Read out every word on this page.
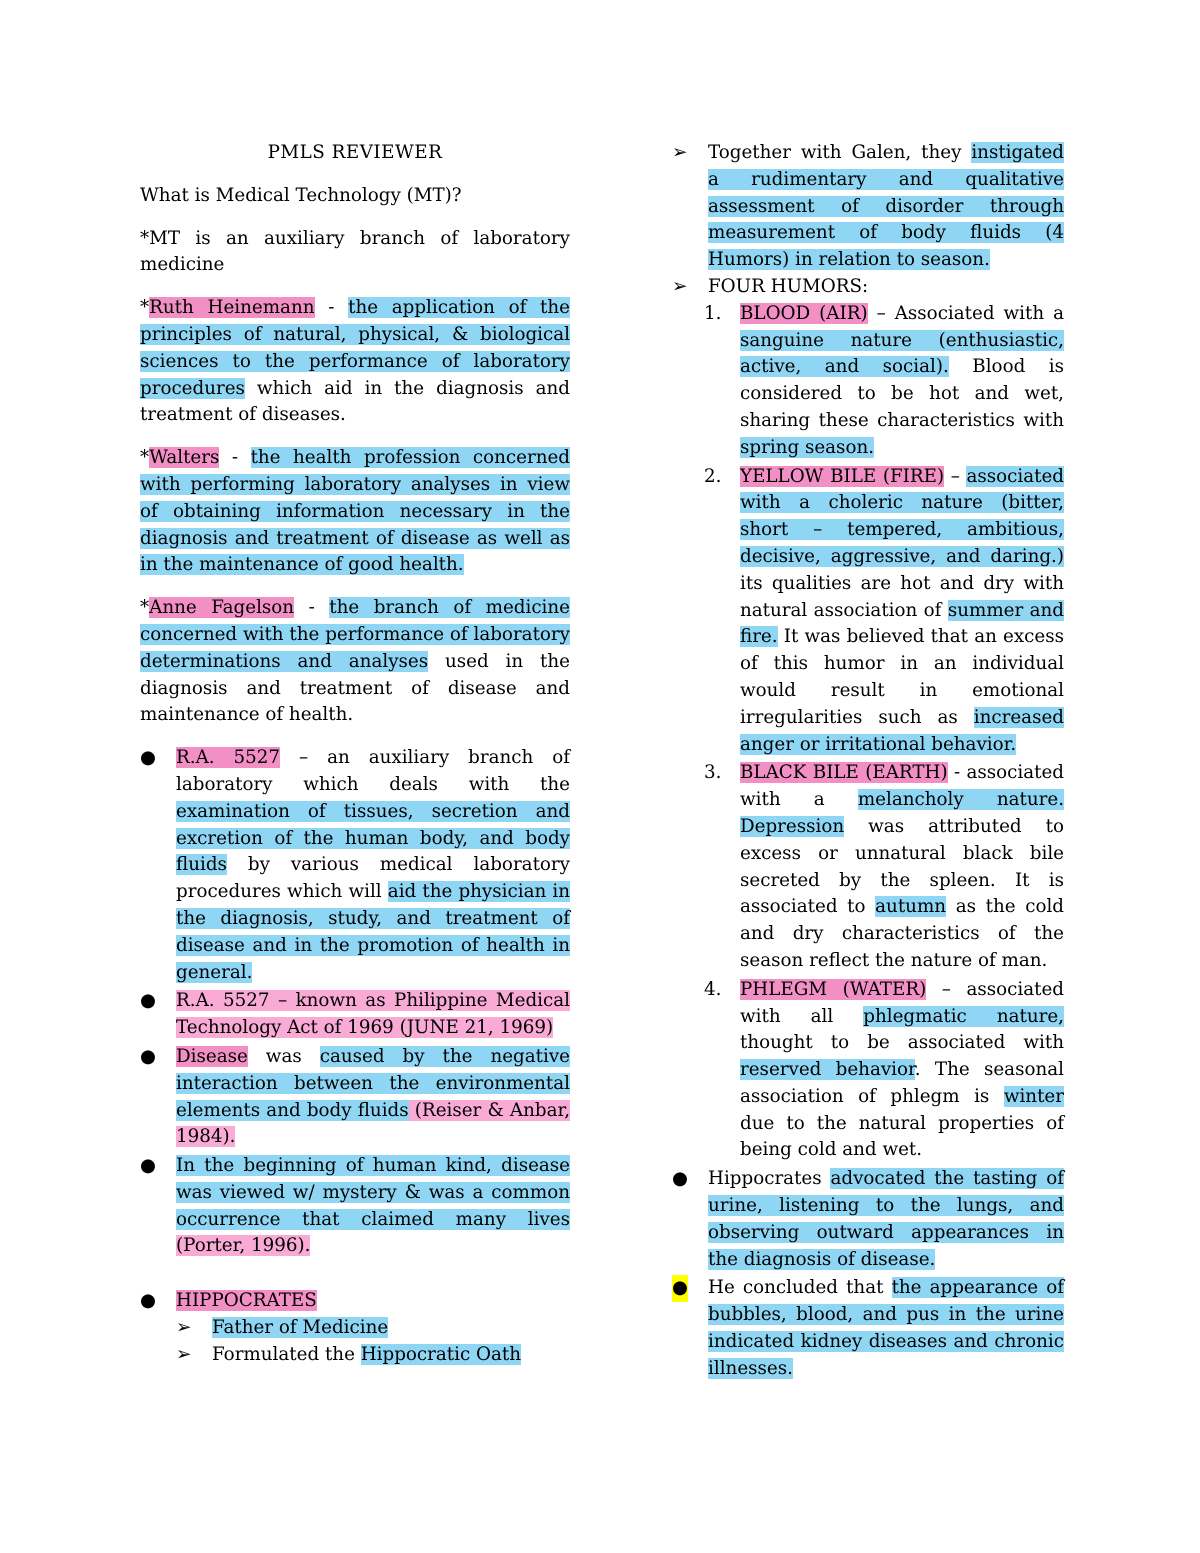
PMLS REVIEWER

What is Medical Technology (MT)?

*MT is an auxiliary branch of laboratory medicine

*Ruth Heinemann - the application of the principles of natural, physical, & biological sciences to the performance of laboratory procedures which aid in the diagnosis and treatment of diseases.

*Walters - the health profession concerned with performing laboratory analyses in view of obtaining information necessary in the diagnosis and treatment of disease as well as in the maintenance of good health.

*Anne Fagelson - the branch of medicine concerned with the performance of laboratory determinations and analyses used in the diagnosis and treatment of disease and maintenance of health.

● R.A. 5527 – an auxiliary branch of laboratory which deals with the examination of tissues, secretion and excretion of the human body, and body fluids by various medical laboratory procedures which will aid the physician in the diagnosis, study, and treatment of disease and in the promotion of health in general.
● R.A. 5527 – known as Philippine Medical Technology Act of 1969 (JUNE 21, 1969)
● Disease was caused by the negative interaction between the environmental elements and body fluids (Reiser & Anbar, 1984).
● In the beginning of human kind, disease was viewed w/ mystery & was a common occurrence that claimed many lives (Porter, 1996).
● HIPPOCRATES
➢ Father of Medicine
➢ Formulated the Hippocratic Oath
➢ Together with Galen, they instigated a rudimentary and qualitative assessment of disorder through measurement of body fluids (4 Humors) in relation to season.
➢ FOUR HUMORS:
1. BLOOD (AIR) – Associated with a sanguine nature (enthusiastic, active, and social). Blood is considered to be hot and wet, sharing these characteristics with spring season.
2. YELLOW BILE (FIRE) – associated with a choleric nature (bitter, short – tempered, ambitious, decisive, aggressive, and daring.) its qualities are hot and dry with natural association of summer and fire. It was believed that an excess of this humor in an individual would result in emotional irregularities such as increased anger or irritational behavior.
3. BLACK BILE (EARTH) - associated with a melancholy nature. Depression was attributed to excess or unnatural black bile secreted by the spleen. It is associated to autumn as the cold and dry characteristics of the season reflect the nature of man.
4. PHLEGM (WATER) – associated with all phlegmatic nature, thought to be associated with reserved behavior. The seasonal association of phlegm is winter due to the natural properties of being cold and wet.
● Hippocrates advocated the tasting of urine, listening to the lungs, and observing outward appearances in the diagnosis of disease.
● He concluded that the appearance of bubbles, blood, and pus in the urine indicated kidney diseases and chronic illnesses.
